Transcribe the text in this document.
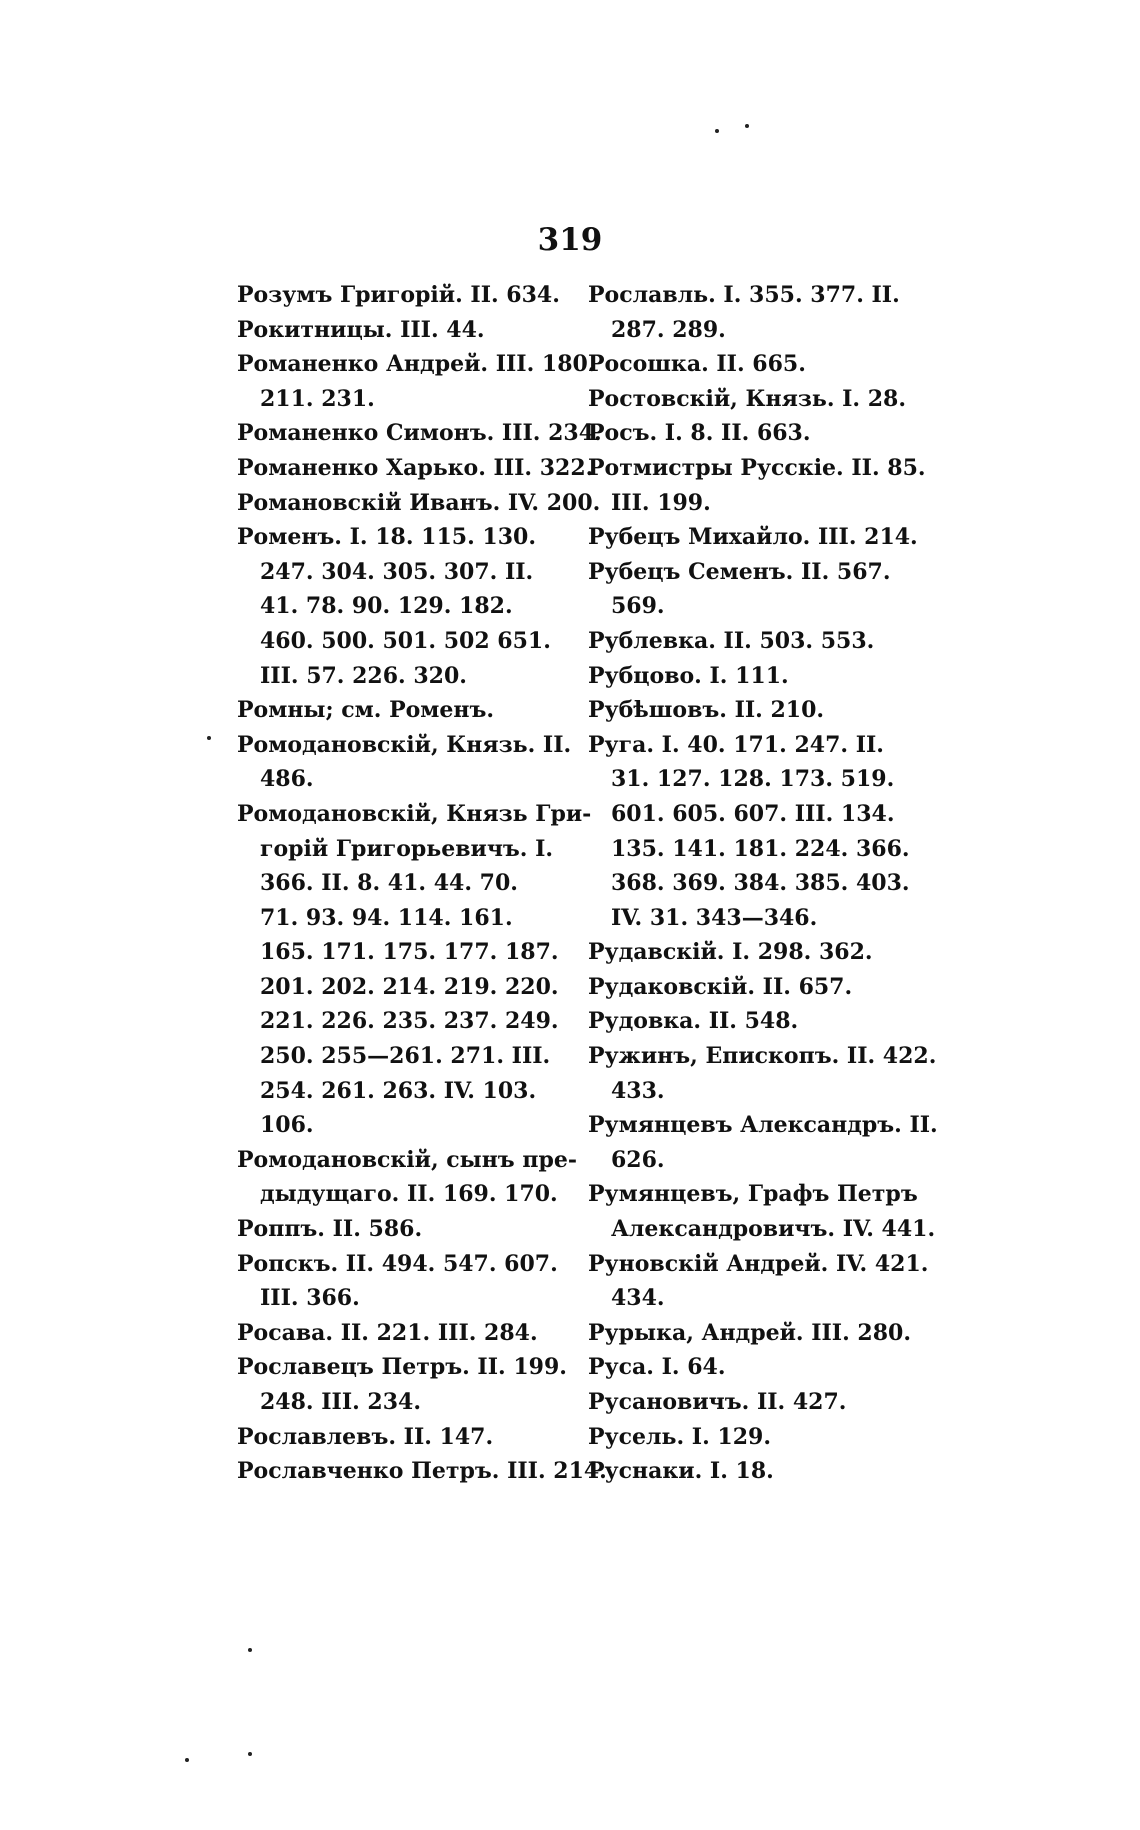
319
Розумъ Григорій. II. 634.
Рокитницы. III. 44.
Романенко Андрей. III. 180.
211. 231.
Романенко Симонъ. III. 234.
Романенко Харько. III. 322.
Романовскій Иванъ. IV. 200.
Роменъ. I. 18. 115. 130.
247. 304. 305. 307. II.
41. 78. 90. 129. 182.
460. 500. 501. 502 651.
III. 57. 226. 320.
Ромны; см. Роменъ.
Ромодановскій, Князь. II.
486.
Ромодановскій, Князь Гри-
горій Григорьевичъ. I.
366. II. 8. 41. 44. 70.
71. 93. 94. 114. 161.
165. 171. 175. 177. 187.
201. 202. 214. 219. 220.
221. 226. 235. 237. 249.
250. 255—261. 271. III.
254. 261. 263. IV. 103.
106.
Ромодановскій, сынъ пре-
дыдущаго. II. 169. 170.
Роппъ. II. 586.
Ропскъ. II. 494. 547. 607.
III. 366.
Росава. II. 221. III. 284.
Рославецъ Петръ. II. 199.
248. III. 234.
Рославлевъ. II. 147.
Рославченко Петръ. III. 214.
Рославль. I. 355. 377. II.
287. 289.
Росошка. II. 665.
Ростовскій, Князь. I. 28.
Росъ. I. 8. II. 663.
Ротмистры Русскіе. II. 85.
III. 199.
Рубецъ Михайло. III. 214.
Рубецъ Семенъ. II. 567.
569.
Рублевка. II. 503. 553.
Рубцово. I. 111.
Рубѣшовъ. II. 210.
Руга. I. 40. 171. 247. II.
31. 127. 128. 173. 519.
601. 605. 607. III. 134.
135. 141. 181. 224. 366.
368. 369. 384. 385. 403.
IV. 31. 343—346.
Рудавскій. I. 298. 362.
Рудаковскій. II. 657.
Рудовка. II. 548.
Ружинъ, Епископъ. II. 422.
433.
Румянцевъ Александръ. II.
626.
Румянцевъ, Графъ Петръ
Александровичъ. IV. 441.
Руновскій Андрей. IV. 421.
434.
Рурыка, Андрей. III. 280.
Руса. I. 64.
Русановичъ. II. 427.
Русель. I. 129.
Руснаки. I. 18.
